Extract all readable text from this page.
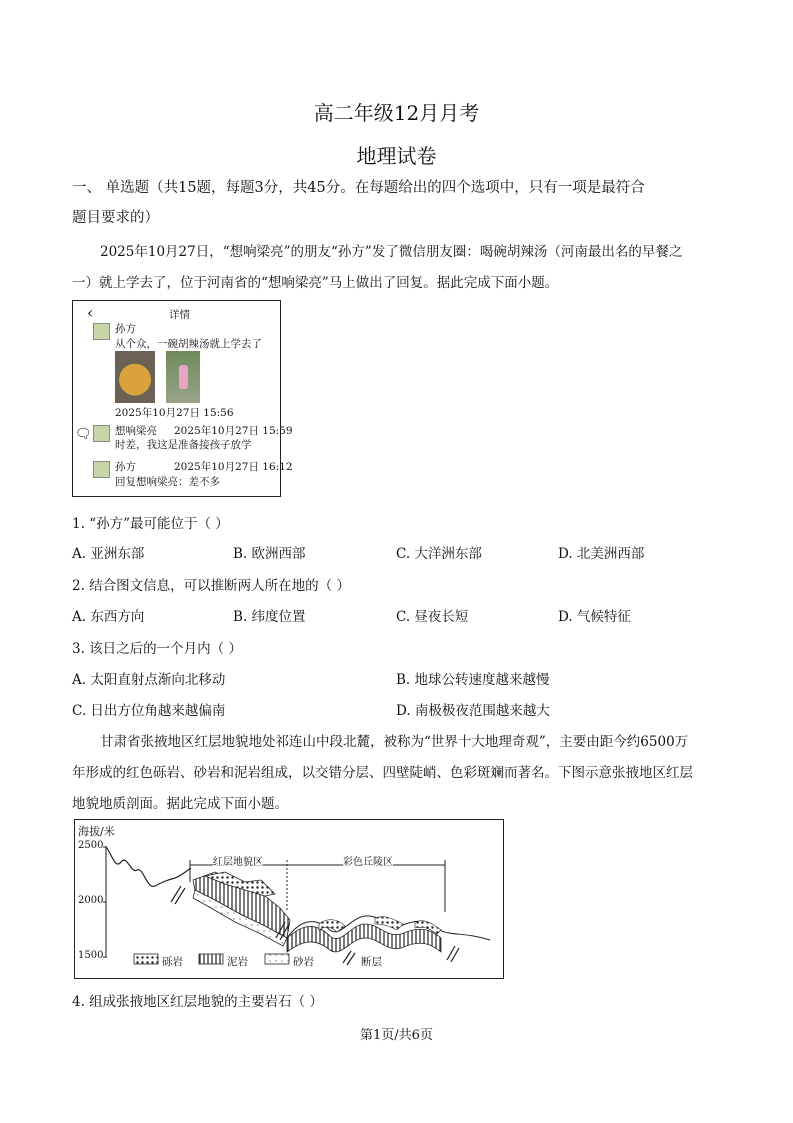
高二年级12月月考
地理试卷
一、 单选题（共15题，每题3分，共45分。在每题给出的四个选项中，只有一项是最符合
题目要求的）
2025年10月27日，“想响梁亮”的朋友“孙方”发了微信朋友圈：喝碗胡辣汤（河南最出名的早餐之
一）就上学去了，位于河南省的“想响梁亮”马上做出了回复。据此完成下面小题。
‹	详情
孙方
从个众，一碗胡辣汤就上学去了
2025年10月27日 15:56
🗨 想响梁亮 2025年10月27日 15:59
时差，我这是准备接孩子放学
孙方	2025年10月27日 16:12
回复想响梁亮：差不多
1. “孙方”最可能位于（ ）
A. 亚洲东部	B. 欧洲西部	C. 大洋洲东部	D. 北美洲西部
2. 结合图文信息，可以推断两人所在地的（ ）
A. 东西方向	B. 纬度位置	C. 昼夜长短	D. 气候特征
3. 该日之后的一个月内（ ）
A. 太阳直射点渐向北移动	B. 地球公转速度越来越慢
C. 日出方位角越来越偏南	D. 南极极夜范围越来越大
甘肃省张掖地区红层地貌地处祁连山中段北麓，被称为“世界十大地理奇观”，主要由距今约6500万
年形成的红色砾岩、砂岩和泥岩组成，以交错分层、四壁陡峭、色彩斑斓而著名。下图示意张掖地区红层
地貌地质剖面。据此完成下面小题。
海拔/米
2500
2000
1500
红层地貌区	彩色丘陵区
砾岩	泥岩	砂岩	断层
4. 组成张掖地区红层地貌的主要岩石（ ）
第1页/共6页
